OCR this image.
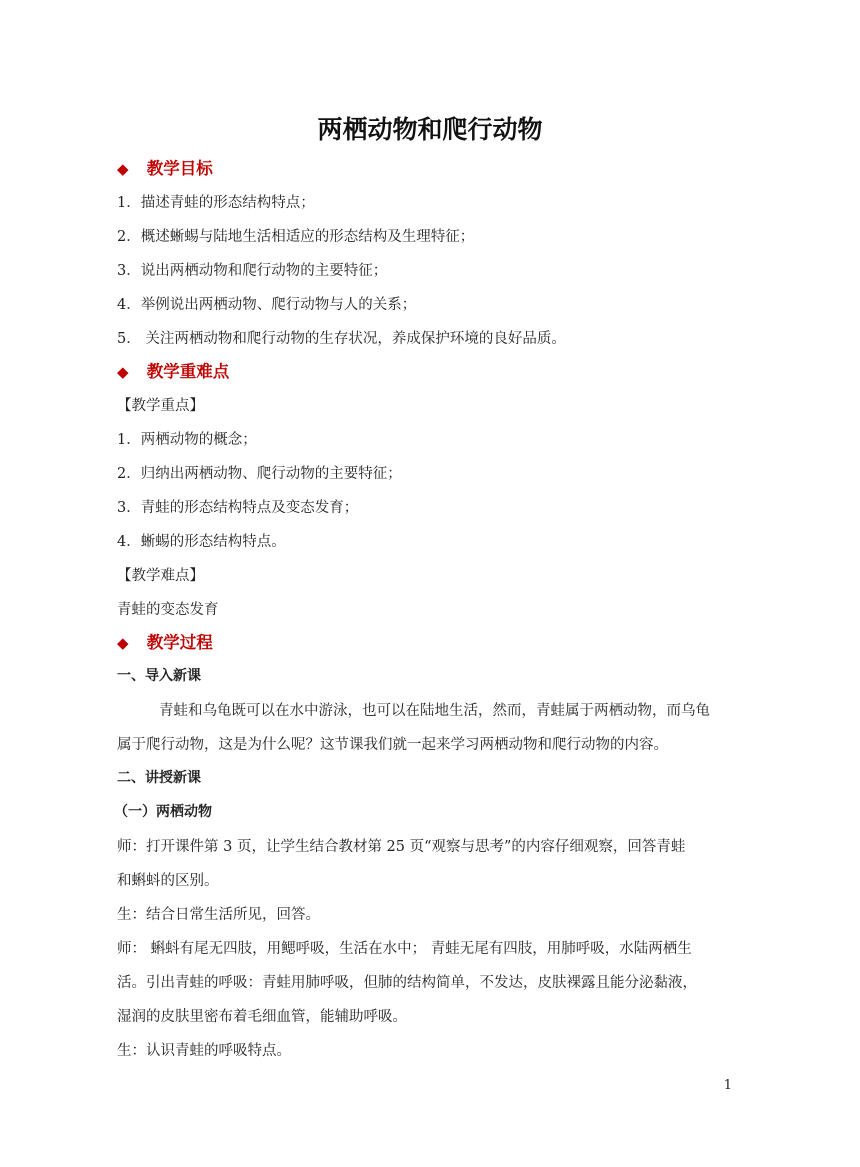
两栖动物和爬行动物
◆ 教学目标

1．描述青蛙的形态结构特点；

2．概述蜥蜴与陆地生活相适应的形态结构及生理特征；

3．说出两栖动物和爬行动物的主要特征；

4．举例说出两栖动物、爬行动物与人的关系；

5． 关注两栖动物和爬行动物的生存状况，养成保护环境的良好品质。

◆ 教学重难点

【教学重点】

1．两栖动物的概念；

2．归纳出两栖动物、爬行动物的主要特征；

3．青蛙的形态结构特点及变态发育；

4．蜥蜴的形态结构特点。

【教学难点】

青蛙的变态发育

◆ 教学过程

一、导入新课

青蛙和乌龟既可以在水中游泳，也可以在陆地生活，然而，青蛙属于两栖动物，而乌龟

属于爬行动物，这是为什么呢？这节课我们就一起来学习两栖动物和爬行动物的内容。

二、讲授新课

（一）两栖动物

师：打开课件第 3 页，让学生结合教材第 25 页“观察与思考”的内容仔细观察，回答青蛙

和蝌蚪的区别。

生：结合日常生活所见，回答。

师： 蝌蚪有尾无四肢，用鳃呼吸，生活在水中； 青蛙无尾有四肢，用肺呼吸，水陆两栖生

活。引出青蛙的呼吸：青蛙用肺呼吸，但肺的结构简单，不发达，皮肤裸露且能分泌黏液，

湿润的皮肤里密布着毛细血管，能辅助呼吸。

生：认识青蛙的呼吸特点。

1
